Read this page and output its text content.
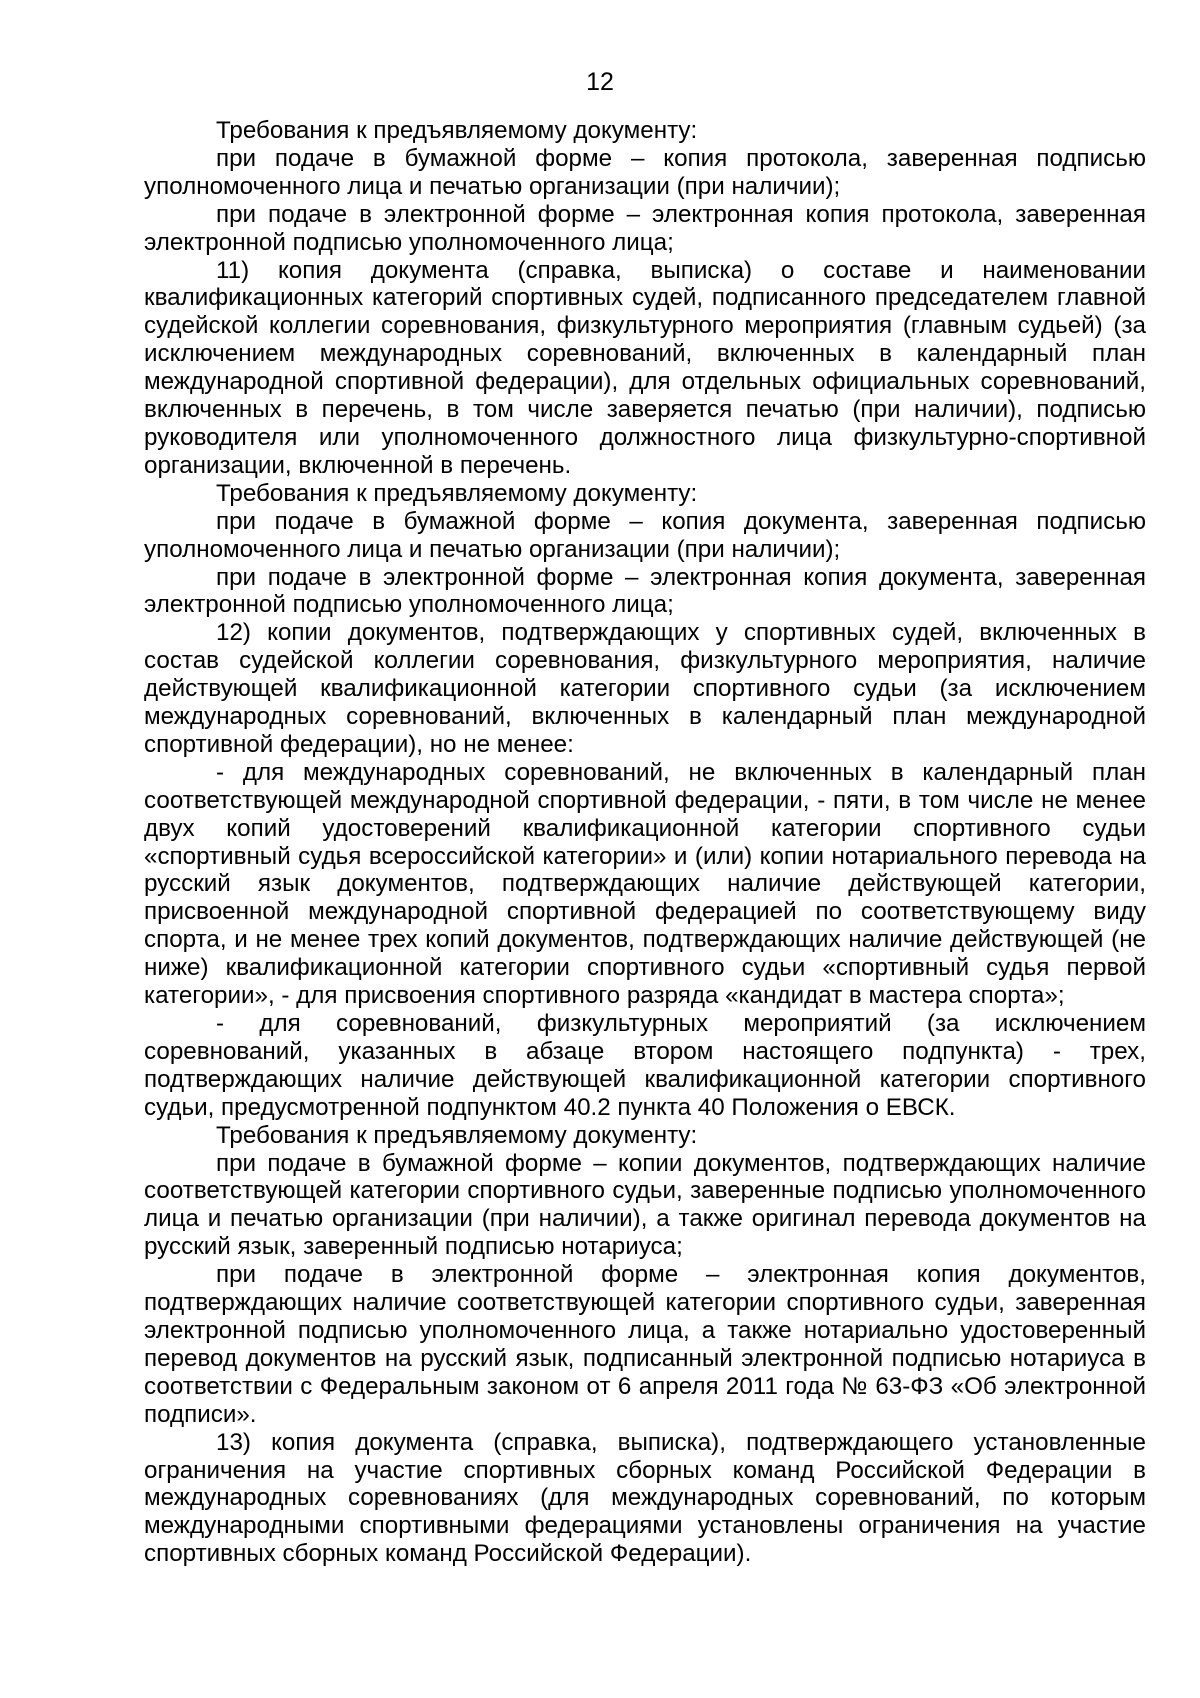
12

Требования к предъявляемому документу:

при подаче в бумажной форме – копия протокола, заверенная подписью уполномоченного лица и печатью организации (при наличии);

при подаче в электронной форме – электронная копия протокола, заверенная электронной подписью уполномоченного лица;

11) копия документа (справка, выписка) о составе и наименовании квалификационных категорий спортивных судей, подписанного председателем главной судейской коллегии соревнования, физкультурного мероприятия (главным судьей) (за исключением международных соревнований, включенных в календарный план международной спортивной федерации), для отдельных официальных соревнований, включенных в перечень, в том числе заверяется печатью (при наличии), подписью руководителя или уполномоченного должностного лица физкультурно-спортивной организации, включенной в перечень.

Требования к предъявляемому документу:

при подаче в бумажной форме – копия документа, заверенная подписью уполномоченного лица и печатью организации (при наличии);

при подаче в электронной форме – электронная копия документа, заверенная электронной подписью уполномоченного лица;

12) копии документов, подтверждающих у спортивных судей, включенных в состав судейской коллегии соревнования, физкультурного мероприятия, наличие действующей квалификационной категории спортивного судьи (за исключением международных соревнований, включенных в календарный план международной спортивной федерации), но не менее:

- для международных соревнований, не включенных в календарный план соответствующей международной спортивной федерации, - пяти, в том числе не менее двух копий удостоверений квалификационной категории спортивного судьи «спортивный судья всероссийской категории» и (или) копии нотариального перевода на русский язык документов, подтверждающих наличие действующей категории, присвоенной международной спортивной федерацией по соответствующему виду спорта, и не менее трех копий документов, подтверждающих наличие действующей (не ниже) квалификационной категории спортивного судьи «спортивный судья первой категории», - для присвоения спортивного разряда «кандидат в мастера спорта»;

- для соревнований, физкультурных мероприятий (за исключением соревнований, указанных в абзаце втором настоящего подпункта) - трех, подтверждающих наличие действующей квалификационной категории спортивного судьи, предусмотренной подпунктом 40.2 пункта 40 Положения о ЕВСК.

Требования к предъявляемому документу:

при подаче в бумажной форме – копии документов, подтверждающих наличие соответствующей категории спортивного судьи, заверенные подписью уполномоченного лица и печатью организации (при наличии), а также оригинал перевода документов на русский язык, заверенный подписью нотариуса;

при подаче в электронной форме – электронная копия документов, подтверждающих наличие соответствующей категории спортивного судьи, заверенная электронной подписью уполномоченного лица, а также нотариально удостоверенный перевод документов на русский язык, подписанный электронной подписью нотариуса в соответствии с Федеральным законом от 6 апреля 2011 года № 63-ФЗ «Об электронной подписи».

13) копия документа (справка, выписка), подтверждающего установленные ограничения на участие спортивных сборных команд Российской Федерации в международных соревнованиях (для международных соревнований, по которым международными спортивными федерациями установлены ограничения на участие спортивных сборных команд Российской Федерации).
